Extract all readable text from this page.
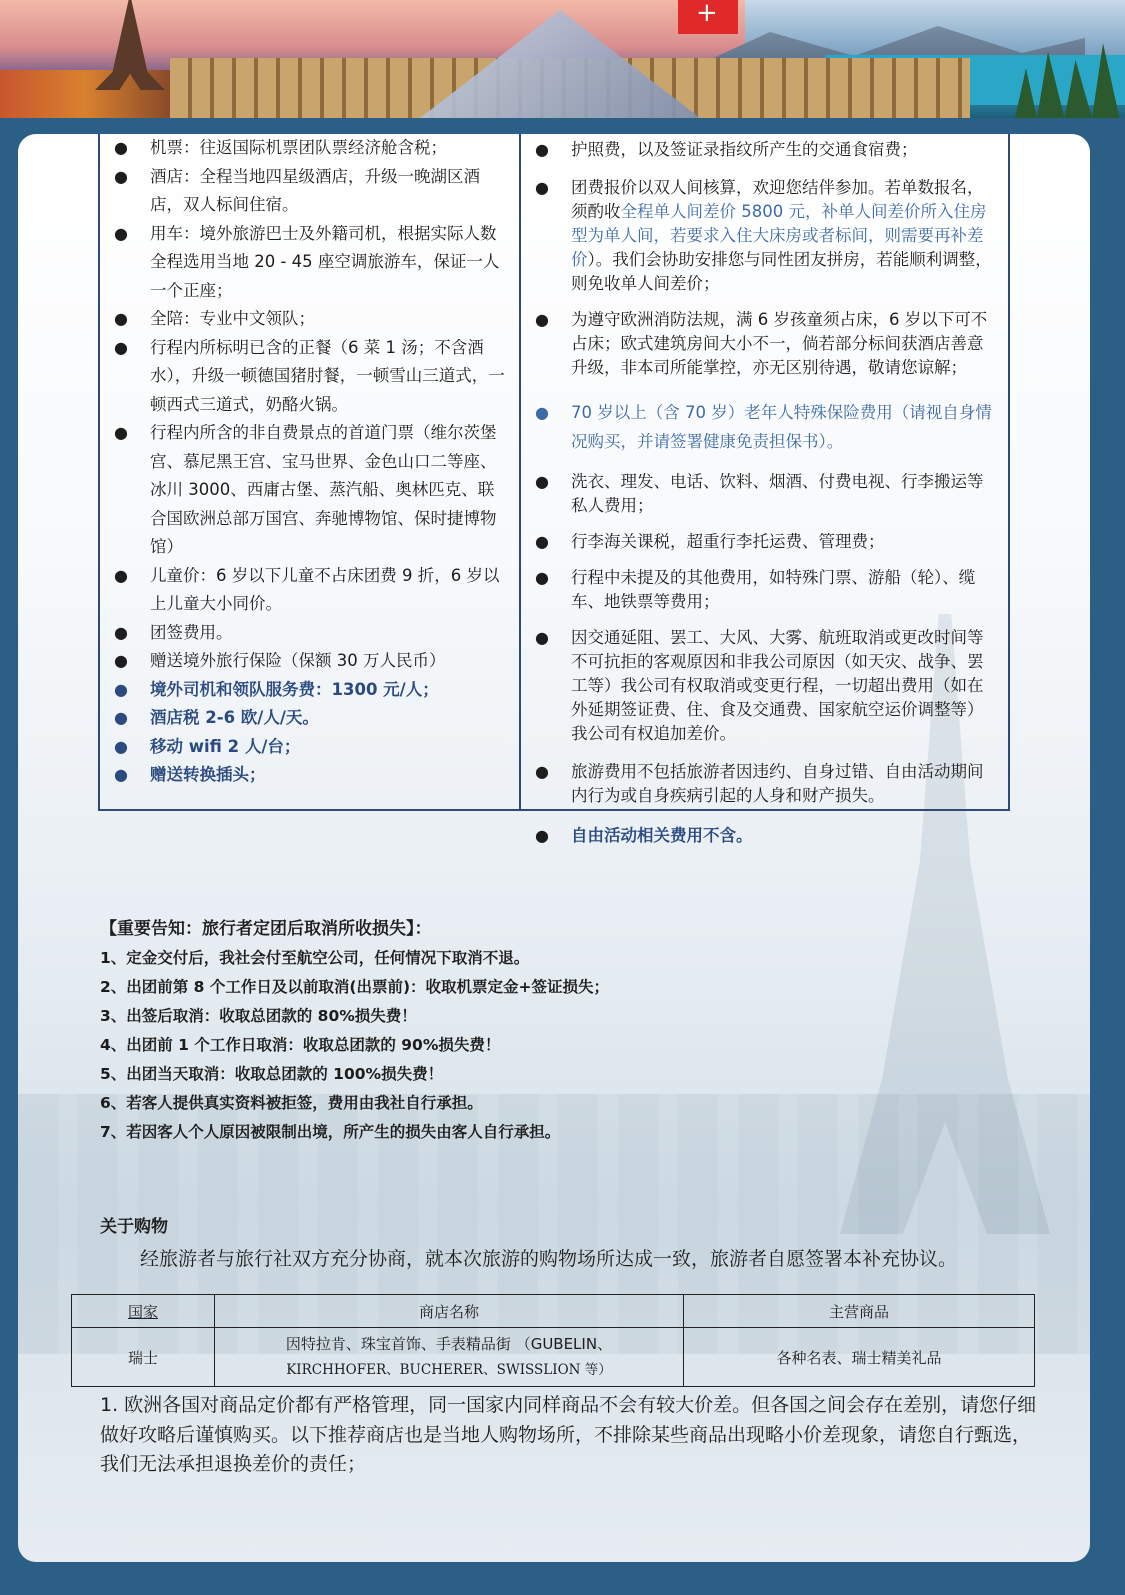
+
● 机票：往返国际机票团队票经济舱含税；
● 酒店：全程当地四星级酒店，升级一晚湖区酒店，双人标间住宿。
● 用车：境外旅游巴士及外籍司机，根据实际人数全程选用当地 20 - 45 座空调旅游车，保证一人一个正座；
● 全陪：专业中文领队；
● 行程内所标明已含的正餐（6 菜 1 汤；不含酒水），升级一顿德国猪肘餐，一顿雪山三道式，一顿西式三道式，奶酪火锅。
● 行程内所含的非自费景点的首道门票（维尔茨堡宫、慕尼黑王宫、宝马世界、金色山口二等座、冰川 3000、西庸古堡、蒸汽船、奥林匹克、联合国欧洲总部万国宫、奔驰博物馆、保时捷博物馆）
● 儿童价：6 岁以下儿童不占床团费 9 折，6 岁以上儿童大小同价。
● 团签费用。
● 赠送境外旅行保险（保额 30 万人民币）
● 境外司机和领队服务费：1300 元/人；
● 酒店税 2-6 欧/人/天。
● 移动 wifi 2 人/台；
● 赠送转换插头；
● 护照费，以及签证录指纹所产生的交通食宿费；
● 团费报价以双人间核算，欢迎您结伴参加。若单数报名，须酌收全程单人间差价 5800 元，补单人间差价所入住房型为单人间，若要求入住大床房或者标间，则需要再补差价）。我们会协助安排您与同性团友拼房，若能顺利调整，则免收单人间差价；
● 为遵守欧洲消防法规，满 6 岁孩童须占床，6 岁以下可不占床；欧式建筑房间大小不一，倘若部分标间获酒店善意升级，非本司所能掌控，亦无区别待遇，敬请您谅解；
● 70 岁以上（含 70 岁）老年人特殊保险费用（请视自身情况购买，并请签署健康免责担保书）。
● 洗衣、理发、电话、饮料、烟酒、付费电视、行李搬运等私人费用；
● 行李海关课税，超重行李托运费、管理费；
● 行程中未提及的其他费用，如特殊门票、游船（轮）、缆车、地铁票等费用；
● 因交通延阻、罢工、大风、大雾、航班取消或更改时间等不可抗拒的客观原因和非我公司原因（如天灾、战争、罢工等）我公司有权取消或变更行程，一切超出费用（如在外延期签证费、住、食及交通费、国家航空运价调整等）我公司有权追加差价。
● 旅游费用不包括旅游者因违约、自身过错、自由活动期间内行为或自身疾病引起的人身和财产损失。
● 自由活动相关费用不含。
【重要告知：旅行者定团后取消所收损失】：
1、定金交付后，我社会付至航空公司，任何情况下取消不退。
2、出团前第 8 个工作日及以前取消(出票前)：收取机票定金+签证损失；
3、出签后取消：收取总团款的 80%损失费！
4、出团前 1 个工作日取消：收取总团款的 90%损失费！
5、出团当天取消：收取总团款的 100%损失费！
6、若客人提供真实资料被拒签，费用由我社自行承担。
7、若因客人个人原因被限制出境，所产生的损失由客人自行承担。
关于购物
经旅游者与旅行社双方充分协商，就本次旅游的购物场所达成一致，旅游者自愿签署本补充协议。
国家	商店名称	主营商品
瑞士	因特拉肯、珠宝首饰、手表精品街 （GUBELIN、
KIRCHHOFER、BUCHERER、SWISSLION 等）	各种名表、瑞士精美礼品
1. 欧洲各国对商品定价都有严格管理，同一国家内同样商品不会有较大价差。但各国之间会存在差别，请您仔细做好攻略后谨慎购买。以下推荐商店也是当地人购物场所，不排除某些商品出现略小价差现象，请您自行甄选，我们无法承担退换差价的责任；
